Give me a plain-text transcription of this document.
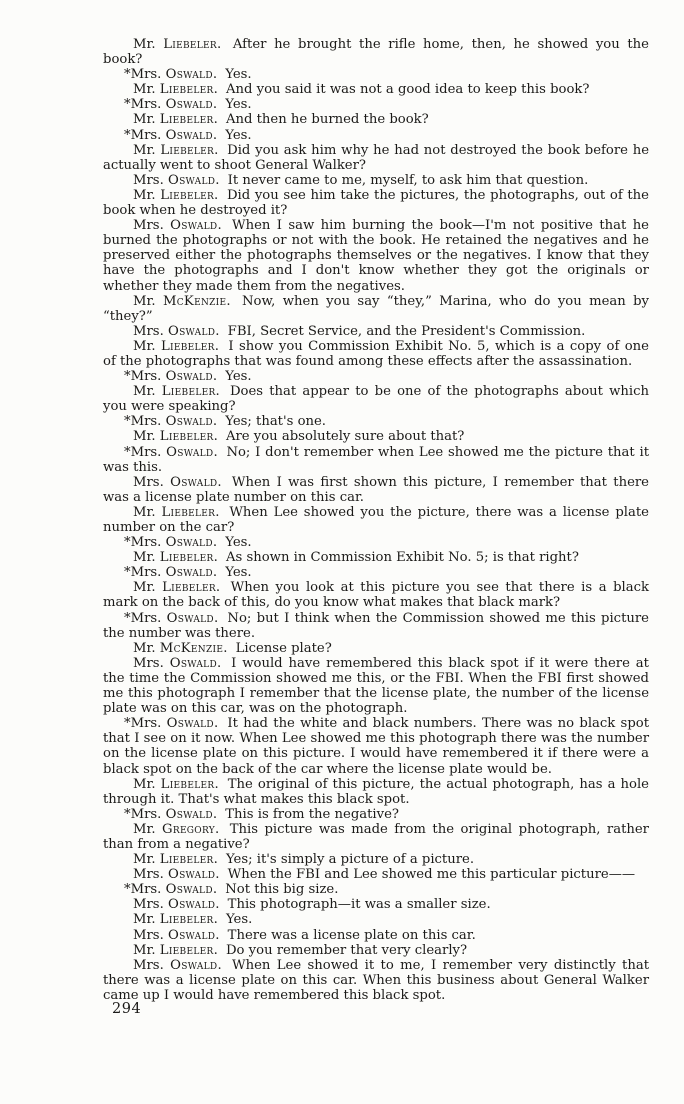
Mr. Liebeler. After he brought the rifle home, then, he showed you the book?

*Mrs. Oswald. Yes.

Mr. Liebeler. And you said it was not a good idea to keep this book?

*Mrs. Oswald. Yes.

Mr. Liebeler. And then he burned the book?

*Mrs. Oswald. Yes.

Mr. Liebeler. Did you ask him why he had not destroyed the book before he actually went to shoot General Walker?

Mrs. Oswald. It never came to me, myself, to ask him that question.

Mr. Liebeler. Did you see him take the pictures, the photographs, out of the book when he destroyed it?

Mrs. Oswald. When I saw him burning the book—I'm not positive that he burned the photographs or not with the book. He retained the negatives and he preserved either the photographs themselves or the negatives. I know that they have the photographs and I don't know whether they got the originals or whether they made them from the negatives.

Mr. McKenzie. Now, when you say “they,” Marina, who do you mean by “they?”

Mrs. Oswald. FBI, Secret Service, and the President's Commission.

Mr. Liebeler. I show you Commission Exhibit No. 5, which is a copy of one of the photographs that was found among these effects after the assassination.

*Mrs. Oswald. Yes.

Mr. Liebeler. Does that appear to be one of the photographs about which you were speaking?

*Mrs. Oswald. Yes; that's one.

Mr. Liebeler. Are you absolutely sure about that?

*Mrs. Oswald. No; I don't remember when Lee showed me the picture that it was this.

Mrs. Oswald. When I was first shown this picture, I remember that there was a license plate number on this car.

Mr. Liebeler. When Lee showed you the picture, there was a license plate number on the car?

*Mrs. Oswald. Yes.

Mr. Liebeler. As shown in Commission Exhibit No. 5; is that right?

*Mrs. Oswald. Yes.

Mr. Liebeler. When you look at this picture you see that there is a black mark on the back of this, do you know what makes that black mark?

*Mrs. Oswald. No; but I think when the Commission showed me this picture the number was there.

Mr. McKenzie. License plate?

Mrs. Oswald. I would have remembered this black spot if it were there at the time the Commission showed me this, or the FBI. When the FBI first showed me this photograph I remember that the license plate, the number of the license plate was on this car, was on the photograph.

*Mrs. Oswald. It had the white and black numbers. There was no black spot that I see on it now. When Lee showed me this photograph there was the number on the license plate on this picture. I would have remembered it if there were a black spot on the back of the car where the license plate would be.

Mr. Liebeler. The original of this picture, the actual photograph, has a hole through it. That's what makes this black spot.

*Mrs. Oswald. This is from the negative?

Mr. Gregory. This picture was made from the original photograph, rather than from a negative?

Mr. Liebeler. Yes; it's simply a picture of a picture.

Mrs. Oswald. When the FBI and Lee showed me this particular picture——

*Mrs. Oswald. Not this big size.

Mrs. Oswald. This photograph—it was a smaller size.

Mr. Liebeler. Yes.

Mrs. Oswald. There was a license plate on this car.

Mr. Liebeler. Do you remember that very clearly?

Mrs. Oswald. When Lee showed it to me, I remember very distinctly that there was a license plate on this car. When this business about General Walker came up I would have remembered this black spot.

294
